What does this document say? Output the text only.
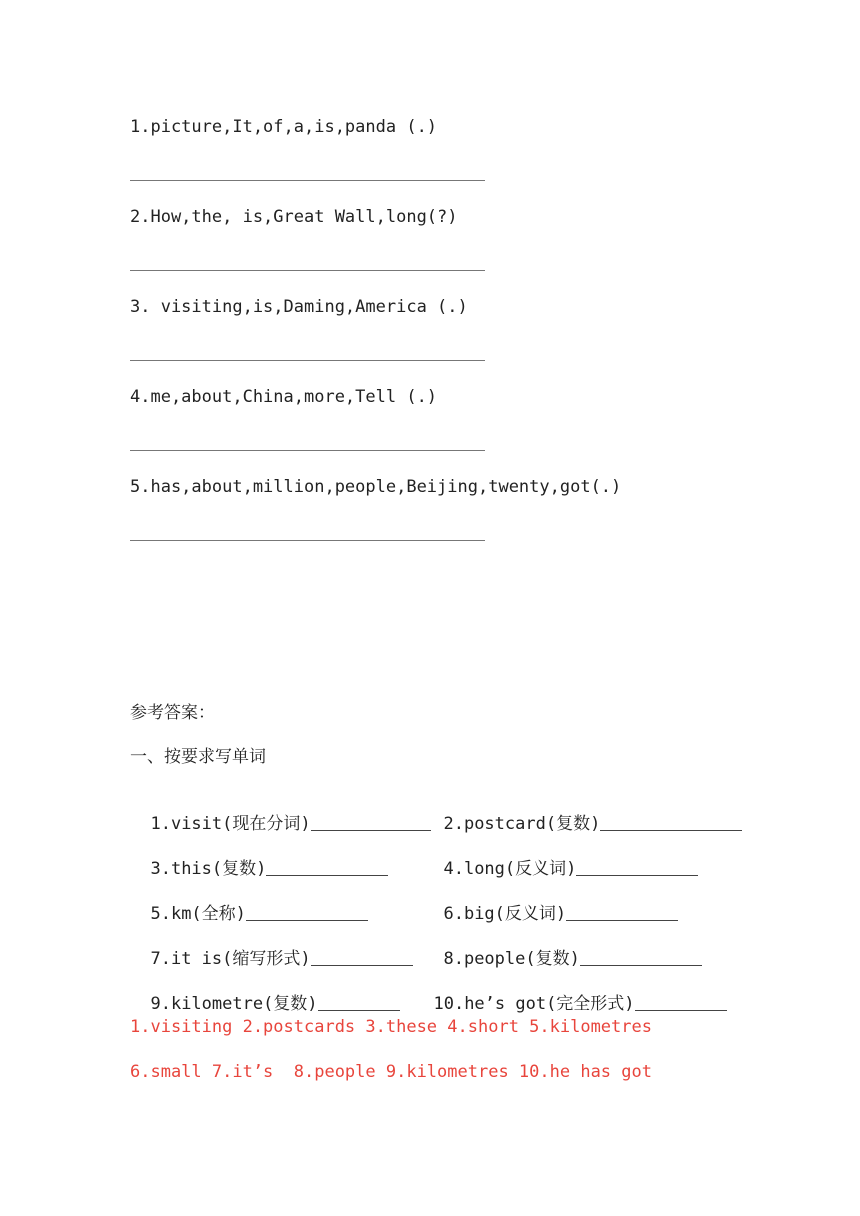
1.picture,It,of,a,is,panda (.)
2.How,the, is,Great Wall,long(?)
3. visiting,is,Daming,America (.)
4.me,about,China,more,Tell (.)
5.has,about,million,people,Beijing,twenty,got(.)
参考答案：
一、按要求写单词

1.visit(现在分词)	2.postcard(复数)

3.this(复数)	4.long(反义词)

5.km(全称)	6.big(反义词)

7.it is(缩写形式)	8.people(复数)

9.kilometre(复数)	10.he’s got(完全形式)

1.visiting 2.postcards 3.these 4.short 5.kilometres
6.small 7.it’s  8.people 9.kilometres 10.he has got
